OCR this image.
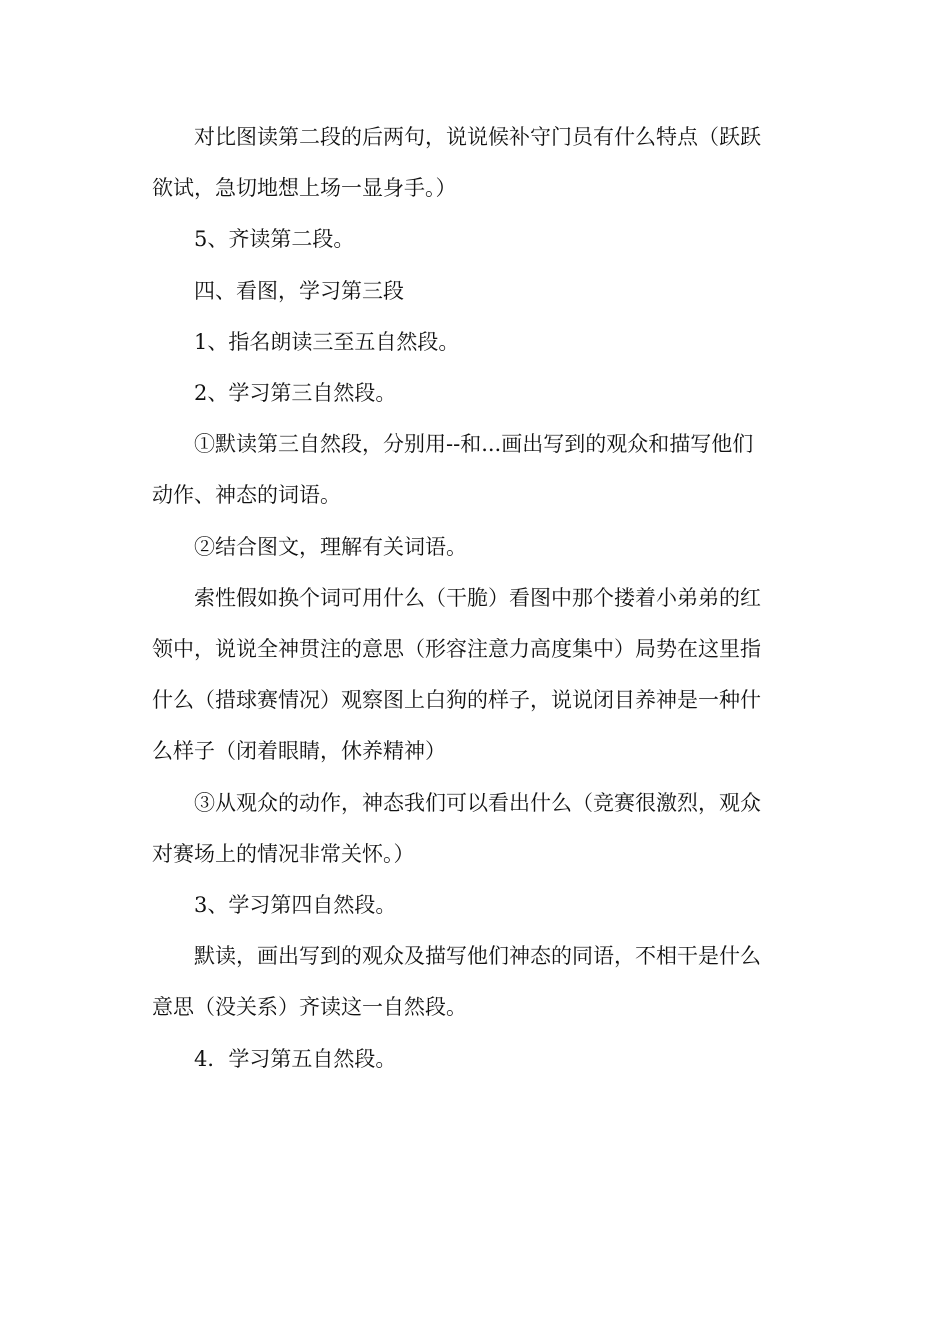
对比图读第二段的后两句，说说候补守门员有什么特点（跃跃
欲试，急切地想上场一显身手。）

5、齐读第二段。

四、看图，学习第三段

1、指名朗读三至五自然段。

2、学习第三自然段。

①默读第三自然段，分别用--和...画出写到的观众和描写他们
动作、神态的词语。

②结合图文，理解有关词语。

索性假如换个词可用什么（干脆）看图中那个搂着小弟弟的红
领中，说说全神贯注的意思（形容注意力高度集中）局势在这里指
什么（措球赛情况）观察图上白狗的样子，说说闭目养神是一种什
么样子（闭着眼睛，休养精神）

③从观众的动作，神态我们可以看出什么（竞赛很激烈，观众
对赛场上的情况非常关怀。）

3、学习第四自然段。

默读，画出写到的观众及描写他们神态的同语，不相干是什么
意思（没关系）齐读这一自然段。

4．学习第五自然段。
